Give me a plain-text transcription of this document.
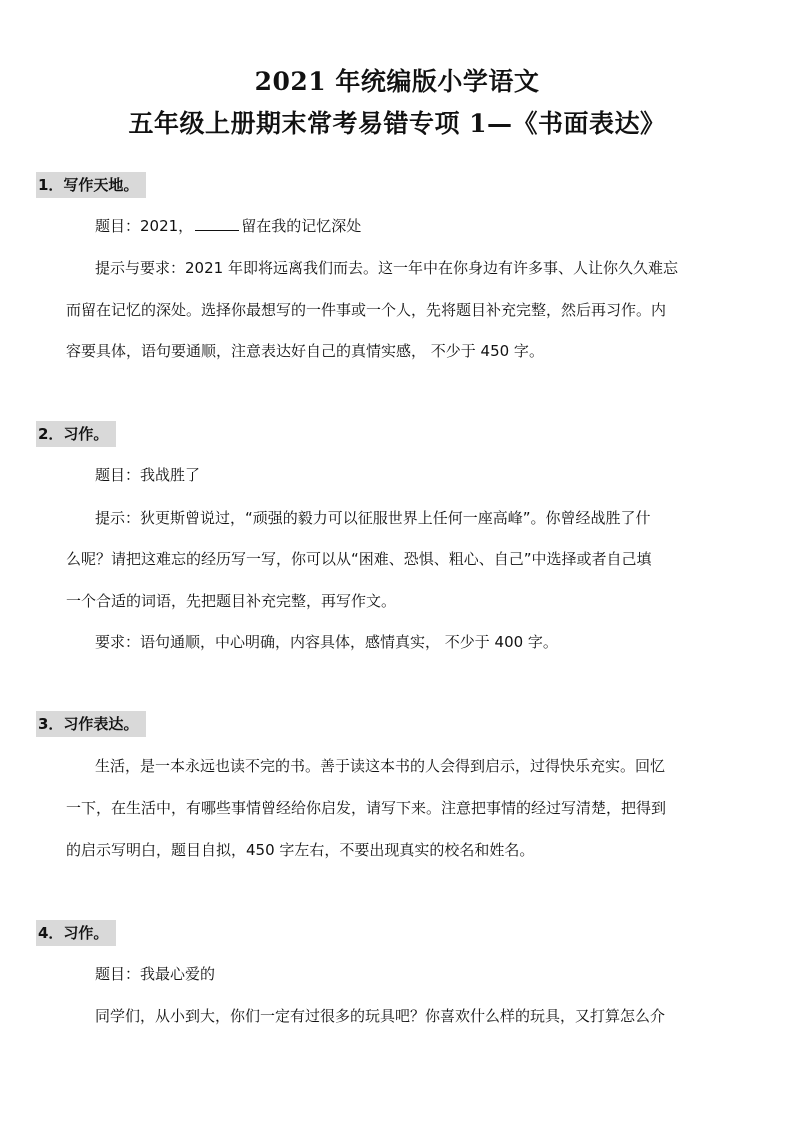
2021 年统编版小学语文
五年级上册期末常考易错专项 1—《书面表达》
1．写作天地。
题目：2021，	留在我的记忆深处
提示与要求：2021 年即将远离我们而去。这一年中在你身边有许多事、人让你久久难忘
而留在记忆的深处。选择你最想写的一件事或一个人，先将题目补充完整，然后再习作。内
容要具体，语句要通顺，注意表达好自己的真情实感， 不少于 450 字。
2．习作。
题目：我战胜了
提示：狄更斯曾说过，“顽强的毅力可以征服世界上任何一座高峰”。你曾经战胜了什
么呢？请把这难忘的经历写一写，你可以从“困难、恐惧、粗心、自己”中选择或者自己填
一个合适的词语，先把题目补充完整，再写作文。
要求：语句通顺，中心明确，内容具体，感情真实， 不少于 400 字。
3．习作表达。
生活，是一本永远也读不完的书。善于读这本书的人会得到启示，过得快乐充实。回忆
一下，在生活中，有哪些事情曾经给你启发，请写下来。注意把事情的经过写清楚，把得到
的启示写明白，题目自拟，450 字左右，不要出现真实的校名和姓名。
4．习作。
题目：我最心爱的
同学们，从小到大，你们一定有过很多的玩具吧？你喜欢什么样的玩具，又打算怎么介
